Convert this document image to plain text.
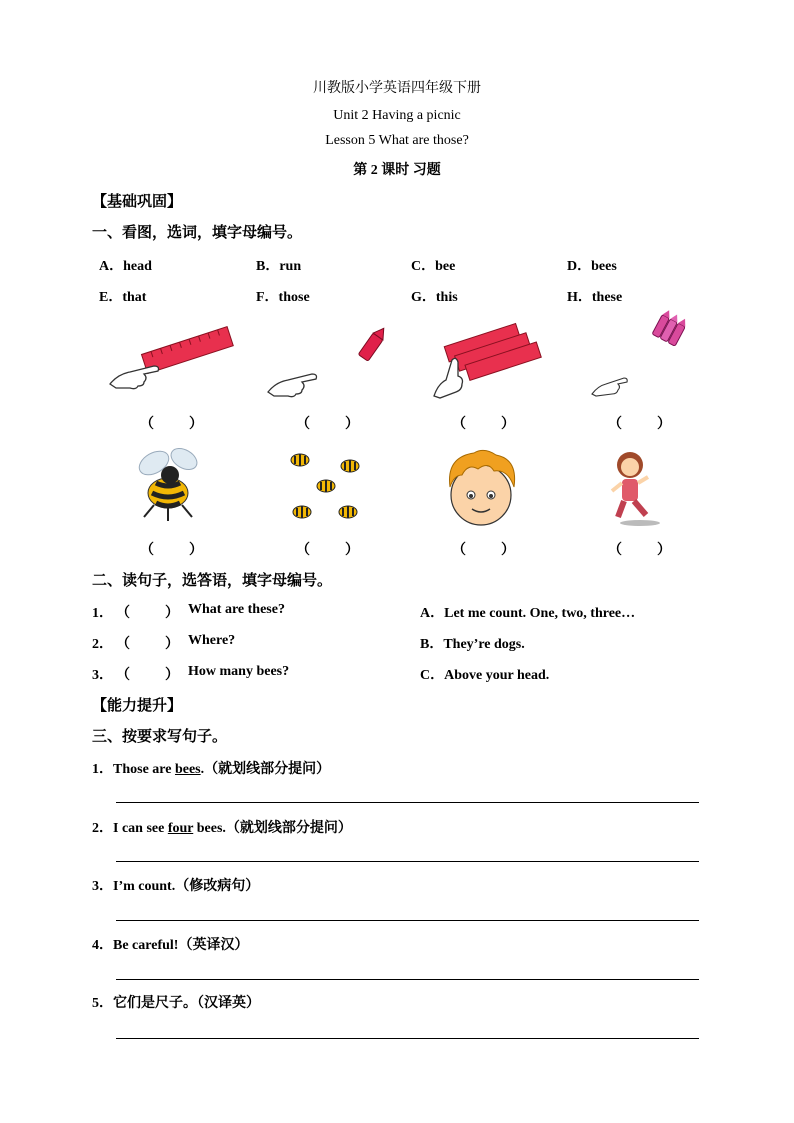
川教版小学英语四年级下册
Unit 2 Having a picnic
Lesson 5 What are those?
第 2 课时 习题
【基础巩固】
一、看图，选词，填字母编号。
A．head	B．run	C．bee	D．bees
E．that	F．those	G．this	H．these
（          ）	（          ）	（          ）	（          ）
（          ）	（          ）	（          ）	（          ）
二、读句子，选答语，填字母编号。
1． （          ） What are these?	A．Let me count. One, two, three…
2． （          ） Where?	B．They’re dogs.
3． （          ） How many bees?	C．Above your head.
【能力提升】
三、按要求写句子。
1．Those are bees.（就划线部分提问）
2．I can see four bees.（就划线部分提问）
3．I’m count.（修改病句）
4．Be careful!（英译汉）
5．它们是尺子。（汉译英）
